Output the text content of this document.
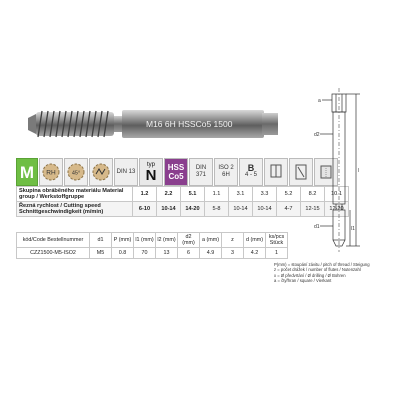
M16 6H HSSCo5 1500
M RH	45°	DIN 13
typ
N HSS
Co5
DIN
371
ISO 2
6H
B
4 - 5
Skupina obráběného materiálu Material group / Werkstoffgruppe	1.2	2.2	5.1	1.1	3.1	3.3	5.2	8.2	10.1
Řezná rychlost / Cutting speed Schnittgeschwindigkeit (m/min)	6-10	10-14	14-20	5-8	10-14	10-14	4-7	12-15	12-20
kód/Code Bestellnummer	d1	P (mm)	l1 (mm)	l2 (mm)	d2 (mm)	a (mm)	z	d (mm)	ks/pcs Stück
CZZ1500-M5-ISO2	M5	0.8	70	13	6	4.9	3	4.2	1
a
d2
d1
l
l1
P(mm) = stoupání závitu / pitch of thread / Steigung
z = počet drážek / number of flutes / Nutenzahl
x = Ø předvrtání / Ø drilling / Ø Bohren
a = čtyřhran / square / Vierkant
